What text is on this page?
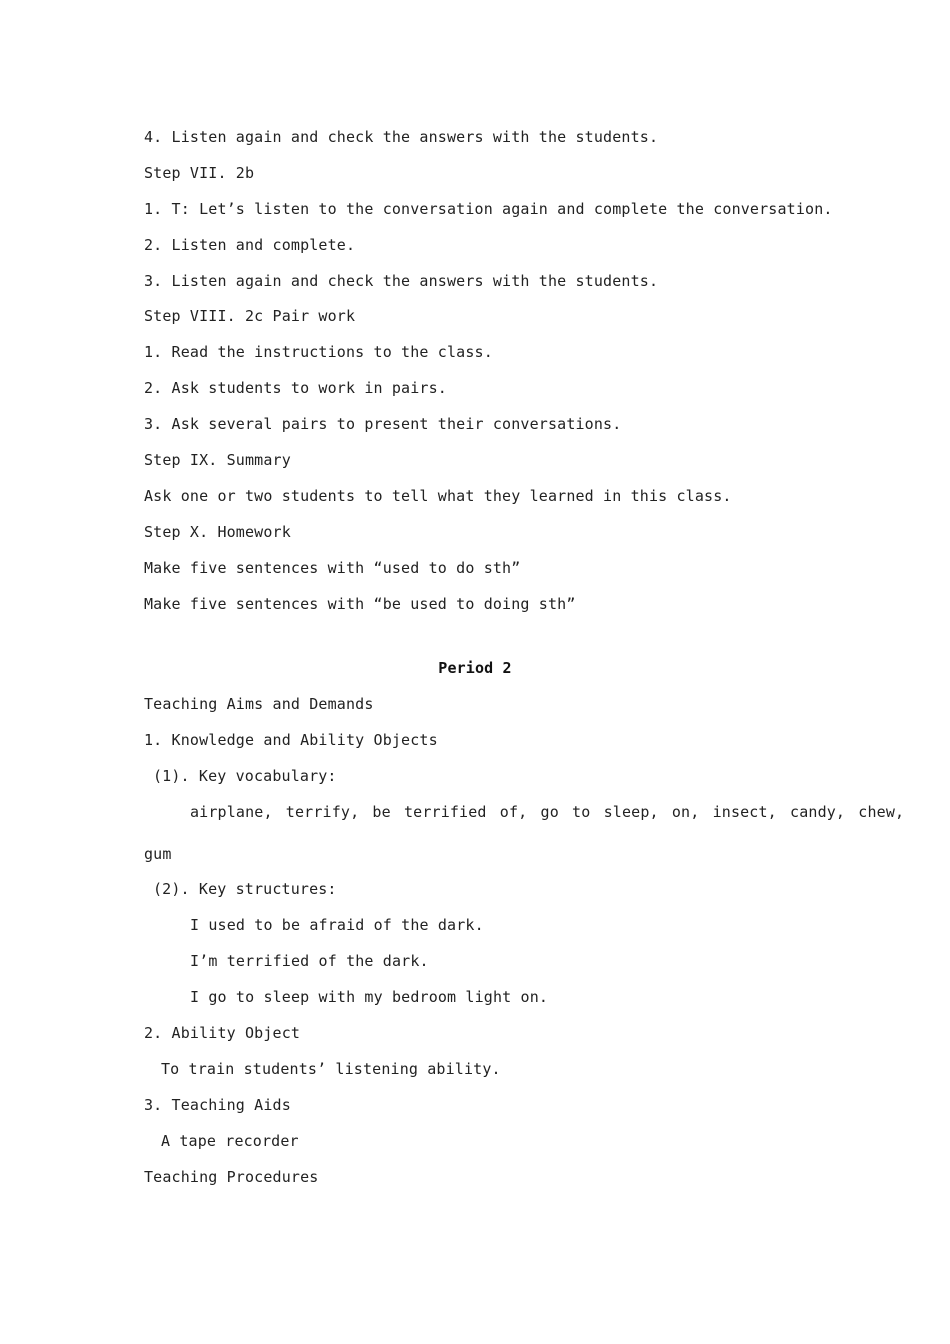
4. Listen again and check the answers with the students.
Step VII. 2b
1. T: Let’s listen to the conversation again and complete the conversation.
2. Listen and complete.
3. Listen again and check the answers with the students.
Step VIII. 2c Pair work
1. Read the instructions to the class.
2. Ask students to work in pairs.
3. Ask several pairs to present their conversations.
Step IX. Summary
Ask one or two students to tell what they learned in this class.
Step X. Homework
Make five sentences with “used to do sth”
Make five sentences with “be used to doing sth”
Period 2
Teaching Aims and Demands
1. Knowledge and Ability Objects
(1). Key vocabulary:
airplane, terrify, be terrified of, go to sleep, on, insect, candy, chew,
gum
(2). Key structures:
I used to be afraid of the dark.
I’m terrified of the dark.
I go to sleep with my bedroom light on.
2. Ability Object
To train students’ listening ability.
3. Teaching Aids
A tape recorder
Teaching Procedures
